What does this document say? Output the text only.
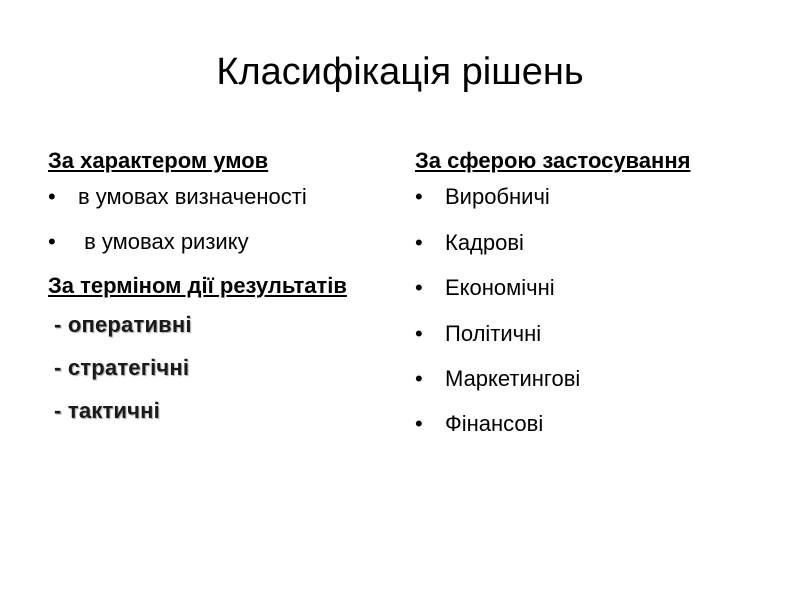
Класифікація рішень
За характером умов
• в умовах визначеності
• в умовах ризику
За терміном дії результатів
- оперативні
- стратегічні
- тактичні
За сферою застосування
• Виробничі
• Кадрові
• Економічні
• Політичні
• Маркетингові
• Фінансові
